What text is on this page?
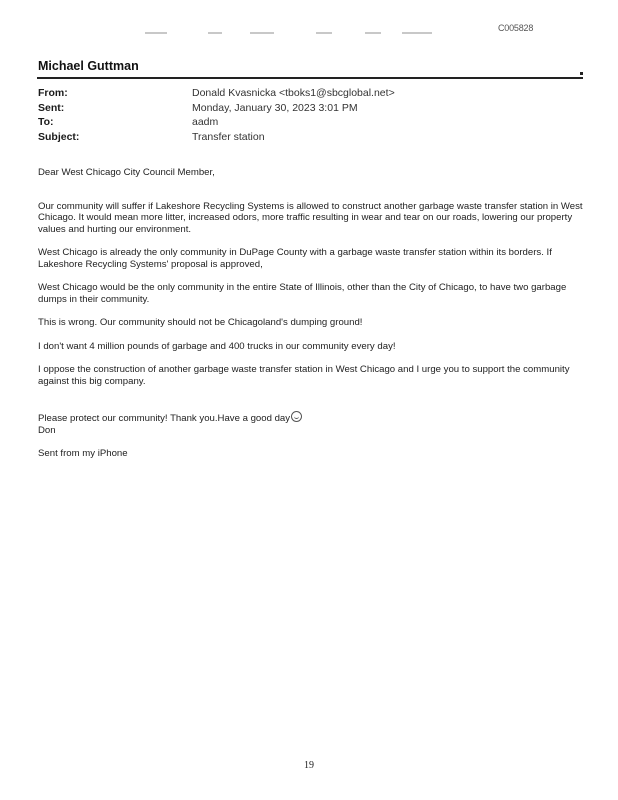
C005828
Michael Guttman
From:	Donald Kvasnicka <tboks1@sbcglobal.net>
Sent:	Monday, January 30, 2023 3:01 PM
To:	aadm
Subject:	Transfer station

Dear West Chicago City Council Member,

Our community will suffer if Lakeshore Recycling Systems is allowed to construct another garbage waste transfer station in West Chicago. It would mean more litter, increased odors, more traffic resulting in wear and tear on our roads, lowering our property values and hurting our environment.

West Chicago is already the only community in DuPage County with a garbage waste transfer station within its borders. If Lakeshore Recycling Systems' proposal is approved,

West Chicago would be the only community in the entire State of Illinois, other than the City of Chicago, to have two garbage dumps in their community.

This is wrong. Our community should not be Chicagoland's dumping ground!

I don't want 4 million pounds of garbage and 400 trucks in our community every day!

I oppose the construction of another garbage waste transfer station in West Chicago and I urge you to support the community against this big company.

Please protect our community! Thank you.Have a good day

Don

Sent from my iPhone

19
